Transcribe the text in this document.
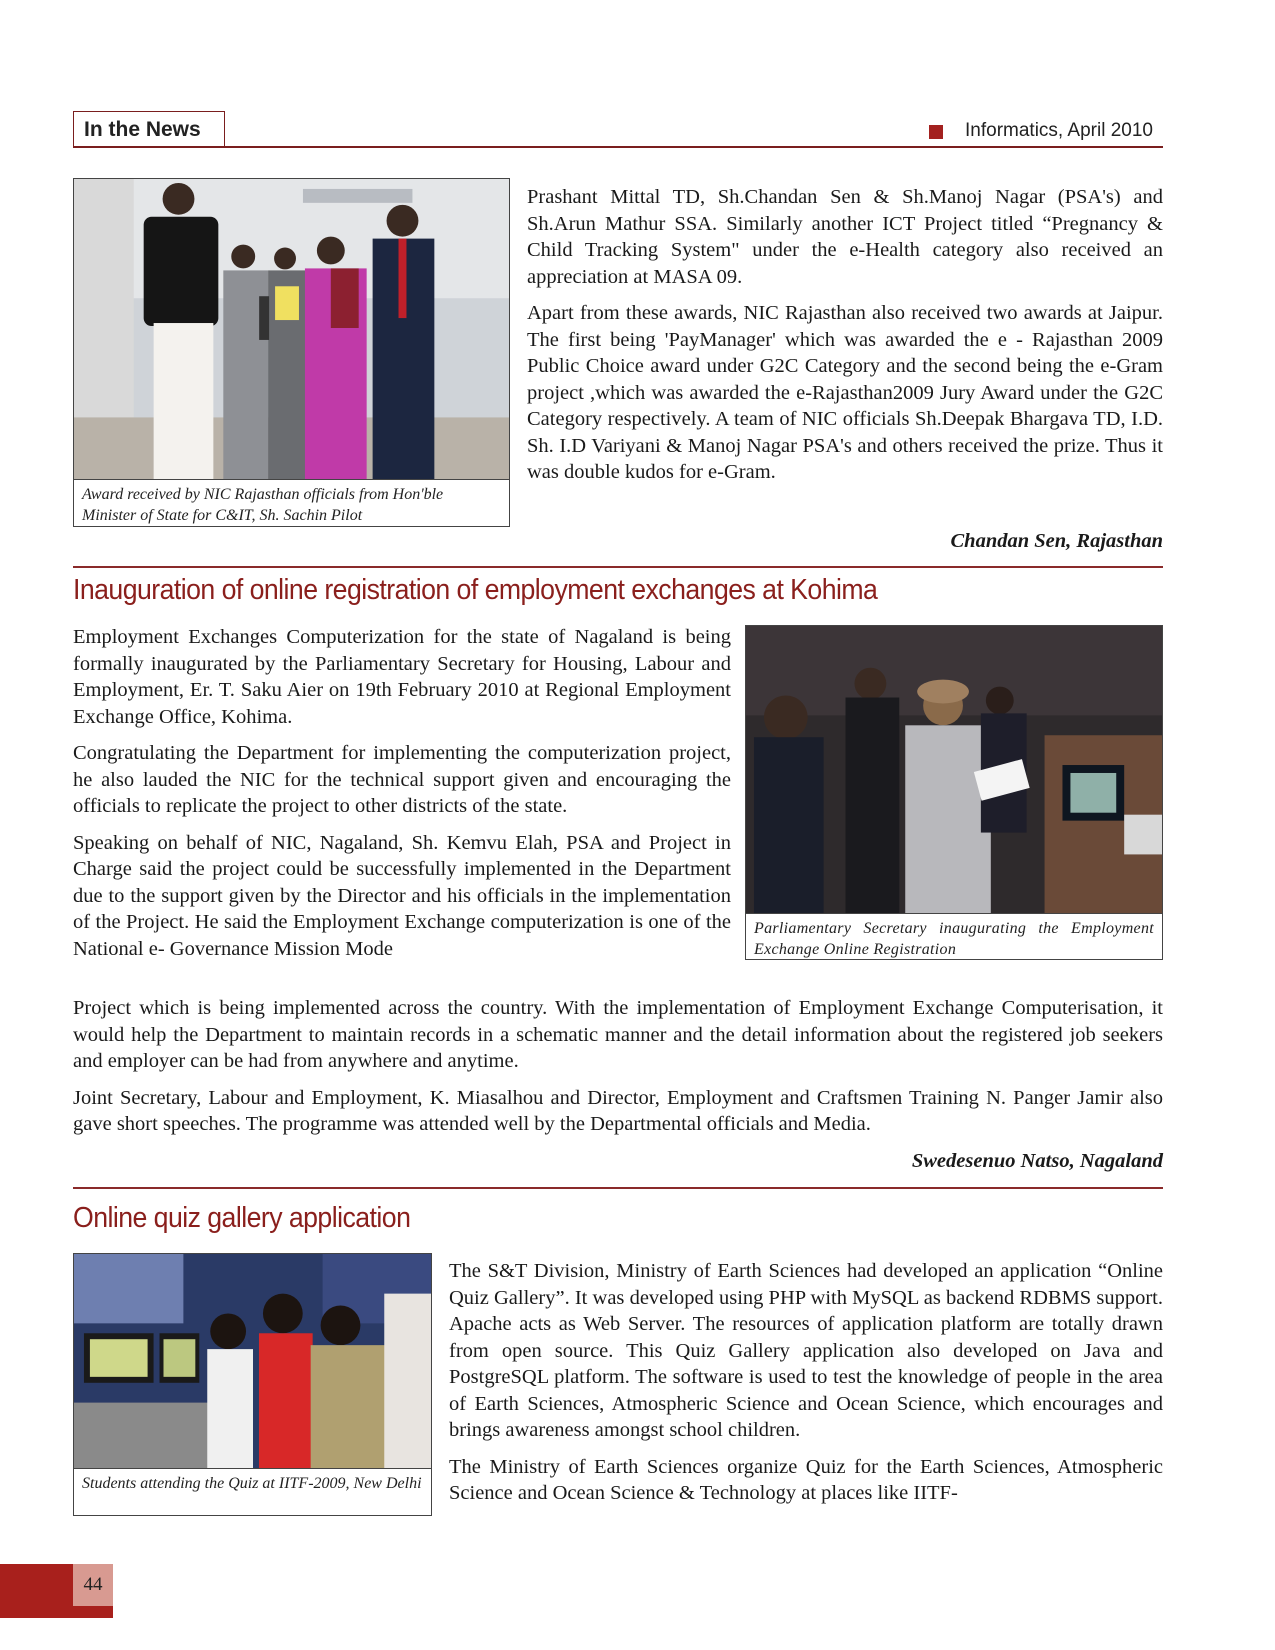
In the News	Informatics, April 2010
Award received by NIC Rajasthan officials from Hon'ble Minister of State for C&IT, Sh. Sachin Pilot

Prashant Mittal TD, Sh.Chandan Sen & Sh.Manoj Nagar (PSA's) and Sh.Arun Mathur SSA. Similarly another ICT Project titled “Pregnancy & Child Tracking System" under the e-Health category also received an appreciation at MASA 09.

Apart from these awards, NIC Rajasthan also received two awards at Jaipur. The first being 'PayManager' which was awarded the e - Rajasthan 2009 Public Choice award under G2C Category and the second being the e-Gram project ,which was awarded the e-Rajasthan2009 Jury Award under the G2C Category respectively. A team of NIC officials Sh.Deepak Bhargava TD, I.D. Sh. I.D Variyani & Manoj Nagar PSA's and others received the prize. Thus it was double kudos for e-Gram.

Chandan Sen, Rajasthan
Inauguration of online registration of employment exchanges at Kohima

Employment Exchanges Computerization for the state of Nagaland is being formally inaugurated by the Parliamentary Secretary for Housing, Labour and Employment, Er. T. Saku Aier on 19th February 2010 at Regional Employment Exchange Office, Kohima.

Congratulating the Department for implementing the computerization project, he also lauded the NIC for the technical support given and encouraging the officials to replicate the project to other districts of the state.

Speaking on behalf of NIC, Nagaland, Sh. Kemvu Elah, PSA and Project in Charge said the project could be successfully implemented in the Department due to the support given by the Director and his officials in the implementation of the Project. He said the Employment Exchange computerization is one of the National e- Governance Mission Mode

Parliamentary Secretary inaugurating the Employment Exchange Online Registration

Project which is being implemented across the country. With the implementation of Employment Exchange Computerisation, it would help the Department to maintain records in a schematic manner and the detail information about the registered job seekers and employer can be had from anywhere and anytime.

Joint Secretary, Labour and Employment, K. Miasalhou and Director, Employment and Craftsmen Training N. Panger Jamir also gave short speeches. The programme was attended well by the Departmental officials and Media.

Swedesenuo Natso, Nagaland
Online quiz gallery application
Students attending the Quiz at IITF-2009, New Delhi

The S&T Division, Ministry of Earth Sciences had developed an application “Online Quiz Gallery”. It was developed using PHP with MySQL as backend RDBMS support. Apache acts as Web Server. The resources of application platform are totally drawn from open source. This Quiz Gallery application also developed on Java and PostgreSQL platform. The software is used to test the knowledge of people in the area of Earth Sciences, Atmospheric Science and Ocean Science, which encourages and brings awareness amongst school children.

The Ministry of Earth Sciences organize Quiz for the Earth Sciences, Atmospheric Science and Ocean Science & Technology at places like IITF-

44
